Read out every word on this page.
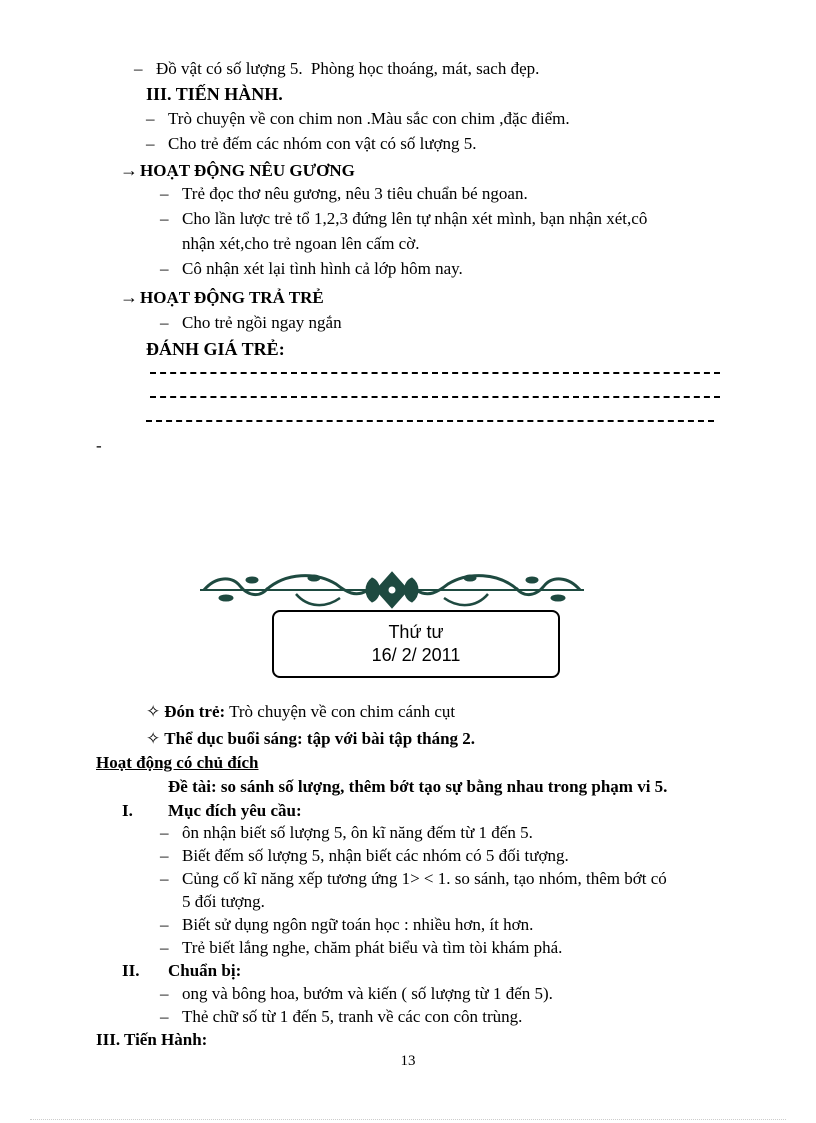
– Đồ vật có số lượng 5. Phòng học thoáng, mát, sach đẹp.
III. TIẾN HÀNH.
– Trò chuyện về con chim non .Màu sắc con chim ,đặc điểm.
– Cho trẻ đếm các nhóm con vật có số lượng 5.
→ HOẠT ĐỘNG NÊU GƯƠNG
– Trẻ đọc thơ nêu gương, nêu 3 tiêu chuẩn bé ngoan.
– Cho lần lược trẻ tổ 1,2,3 đứng lên tự nhận xét mình, bạn nhận xét,cô
nhận xét,cho trẻ ngoan lên cấm cờ.
– Cô nhận xét lại tình hình cả lớp hôm nay.
→ HOẠT ĐỘNG TRẢ TRẺ
– Cho trẻ ngồi ngay ngắn
ĐÁNH GIÁ TRẺ:
-
Thứ tư
16/ 2/ 2011
✧ Đón trẻ: Trò chuyện về con chim cánh cụt
✧ Thể dục buổi sáng: tập với bài tập tháng 2.
Hoạt động có chủ đích
Đề tài: so sánh số lượng, thêm bớt tạo sự bằng nhau trong phạm vi 5.
I. Mục đích yêu cầu:
– ôn nhận biết số lượng 5, ôn kĩ năng đếm từ 1 đến 5.
– Biết đếm số lượng 5, nhận biết các nhóm có 5 đối tượng.
– Củng cố kĩ năng xếp tương ứng 1> < 1. so sánh, tạo nhóm, thêm bớt có
5 đối tượng.
– Biết sử dụng ngôn ngữ toán học : nhiều hơn, ít hơn.
– Trẻ biết lắng nghe, chăm phát biểu và tìm tòi khám phá.
II. Chuẩn bị:
– ong và bông hoa, bướm và kiến ( số lượng từ 1 đến 5).
– Thẻ chữ số từ 1 đến 5, tranh về các con côn trùng.
III. Tiến Hành:
13
